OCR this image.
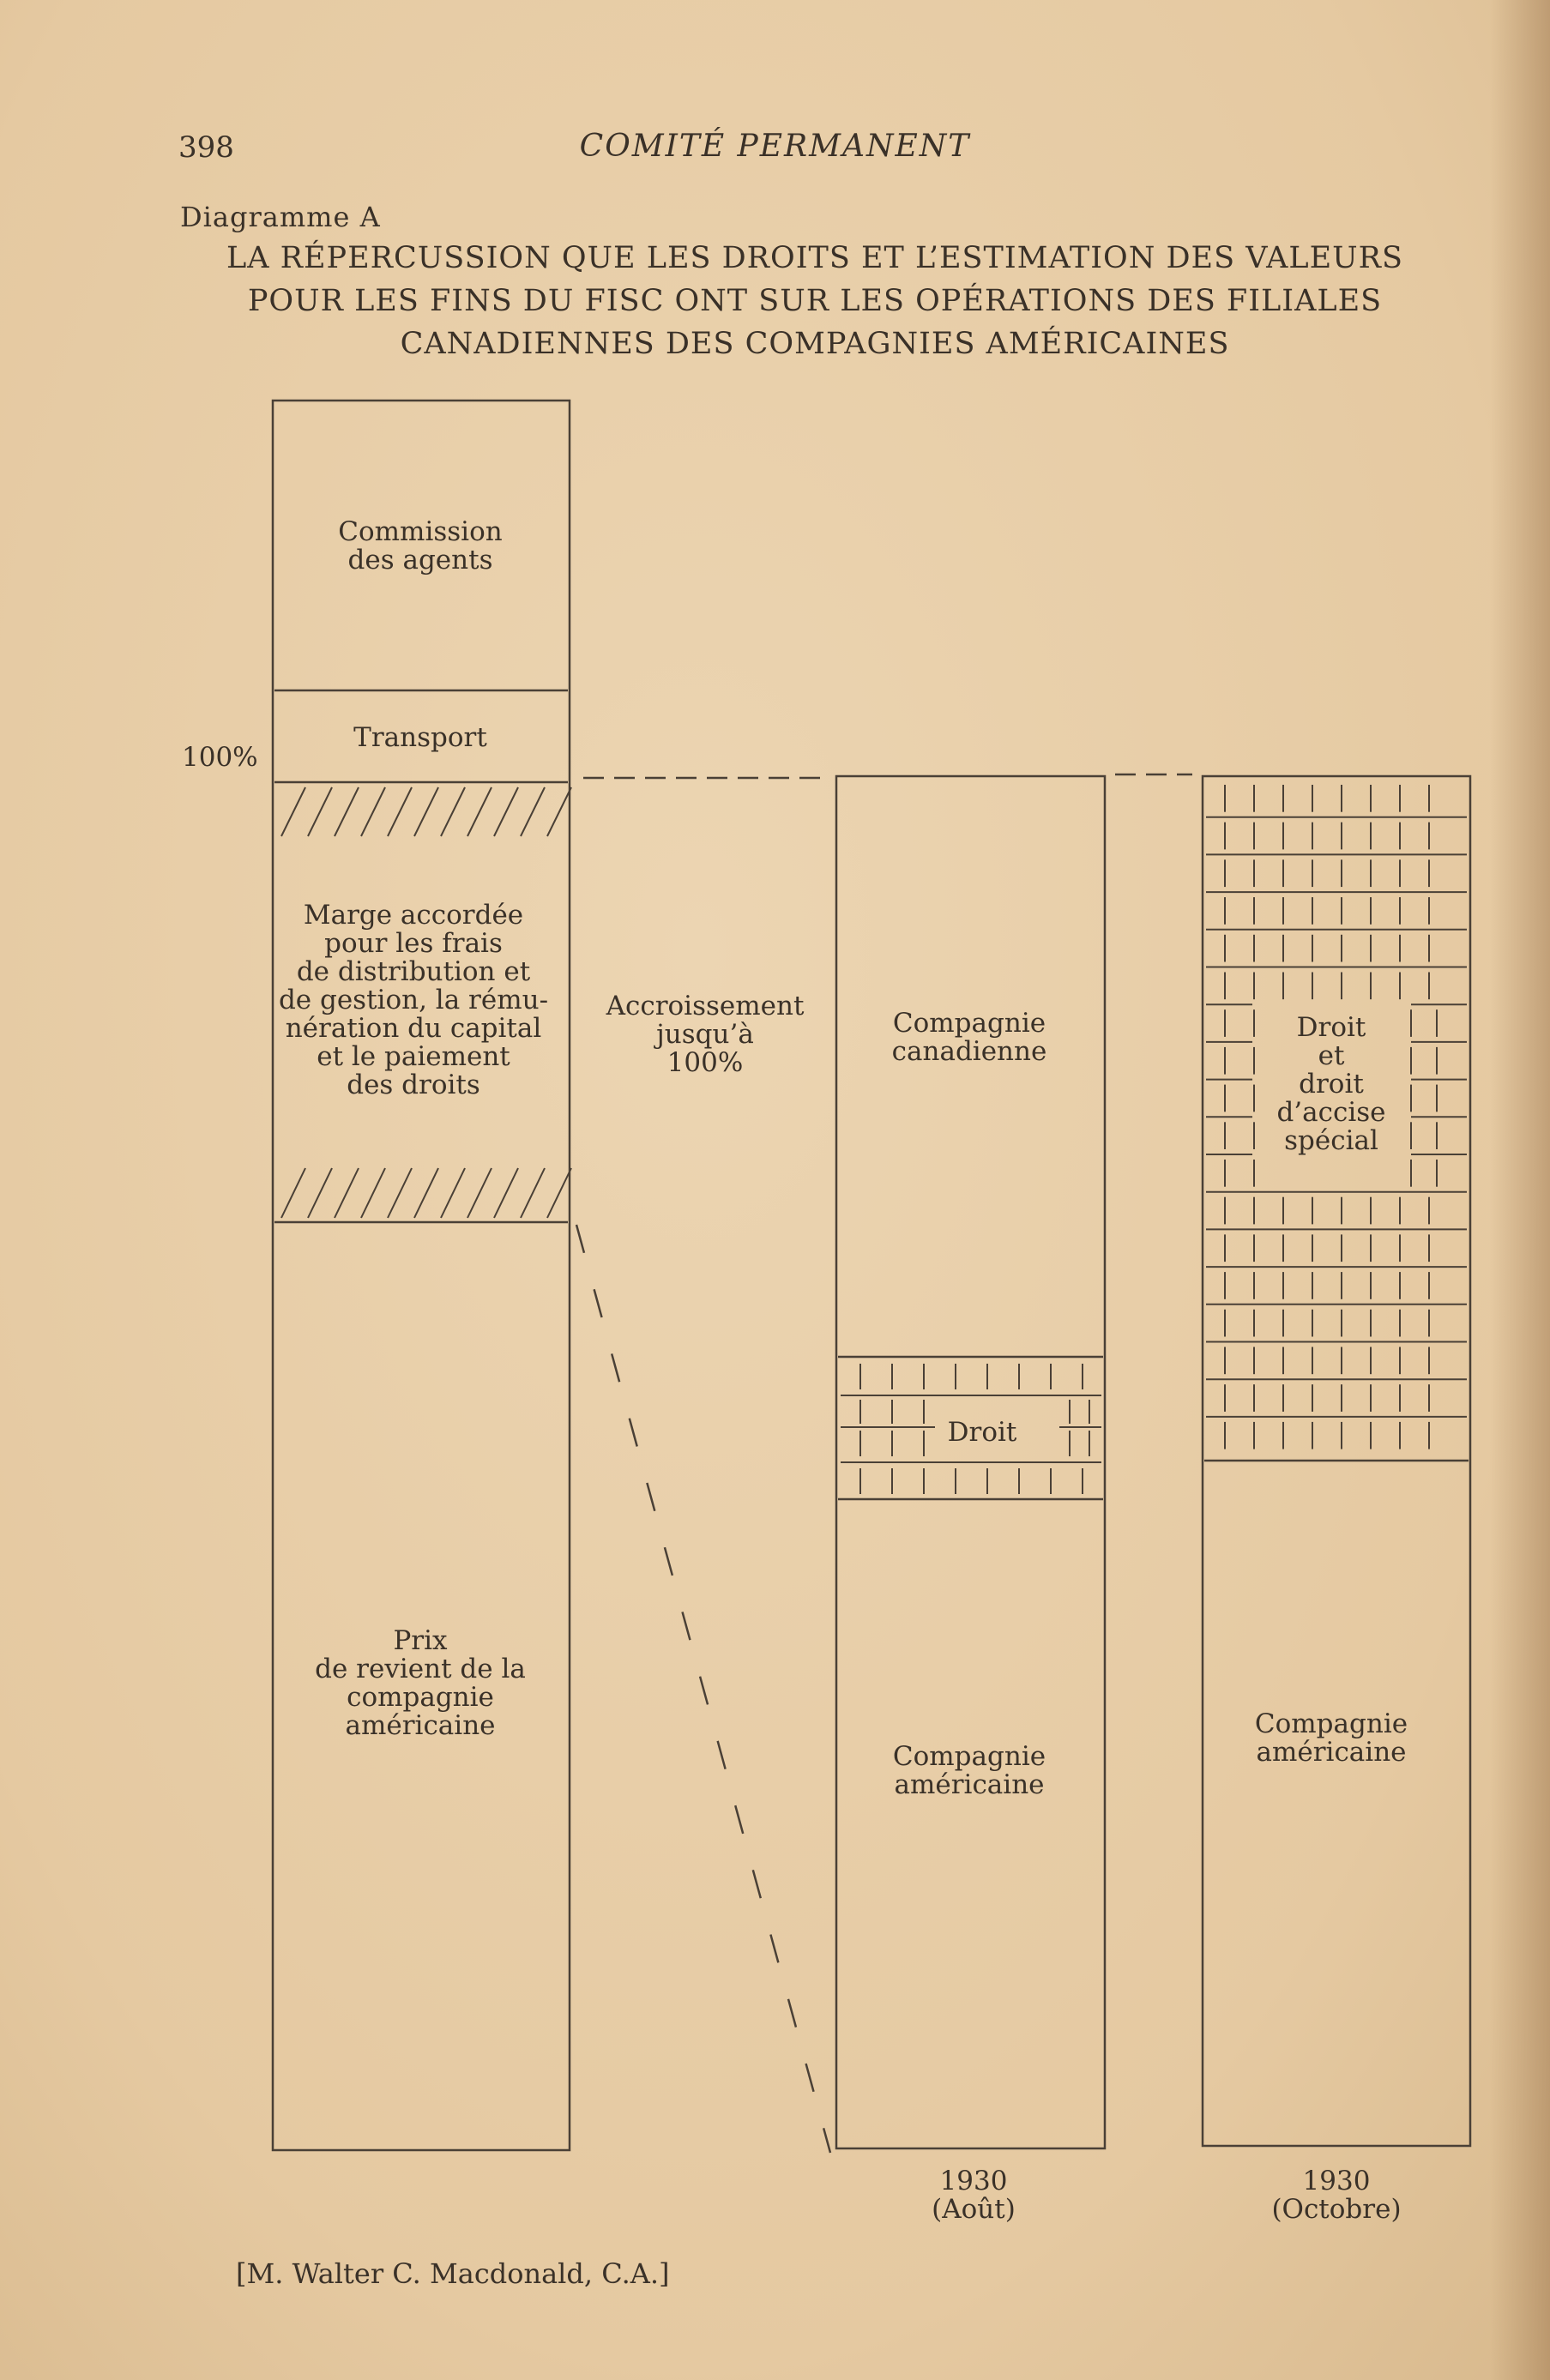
398	COMITÉ PERMANENT
Diagramme A
LA RÉPERCUSSION QUE LES DROITS ET L’ESTIMATION DES VALEURS
POUR LES FINS DU FISC ONT SUR LES OPÉRATIONS DES FILIALES
CANADIENNES DES COMPAGNIES AMÉRICAINES
100%
Commission
des agents
Transport
Marge accordée
pour les frais
de distribution et
de gestion, la rému-
nération du capital
et le paiement
des droits
Prix
de revient de la
compagnie
américaine
Accroissement
jusqu’à
100%
Compagnie
canadienne
Droit
Compagnie
américaine
1930
(Août)
Droit
et
droit
d’accise
spécial
Compagnie
américaine
1930
(Octobre)
[M. Walter C. Macdonald, C.A.]
